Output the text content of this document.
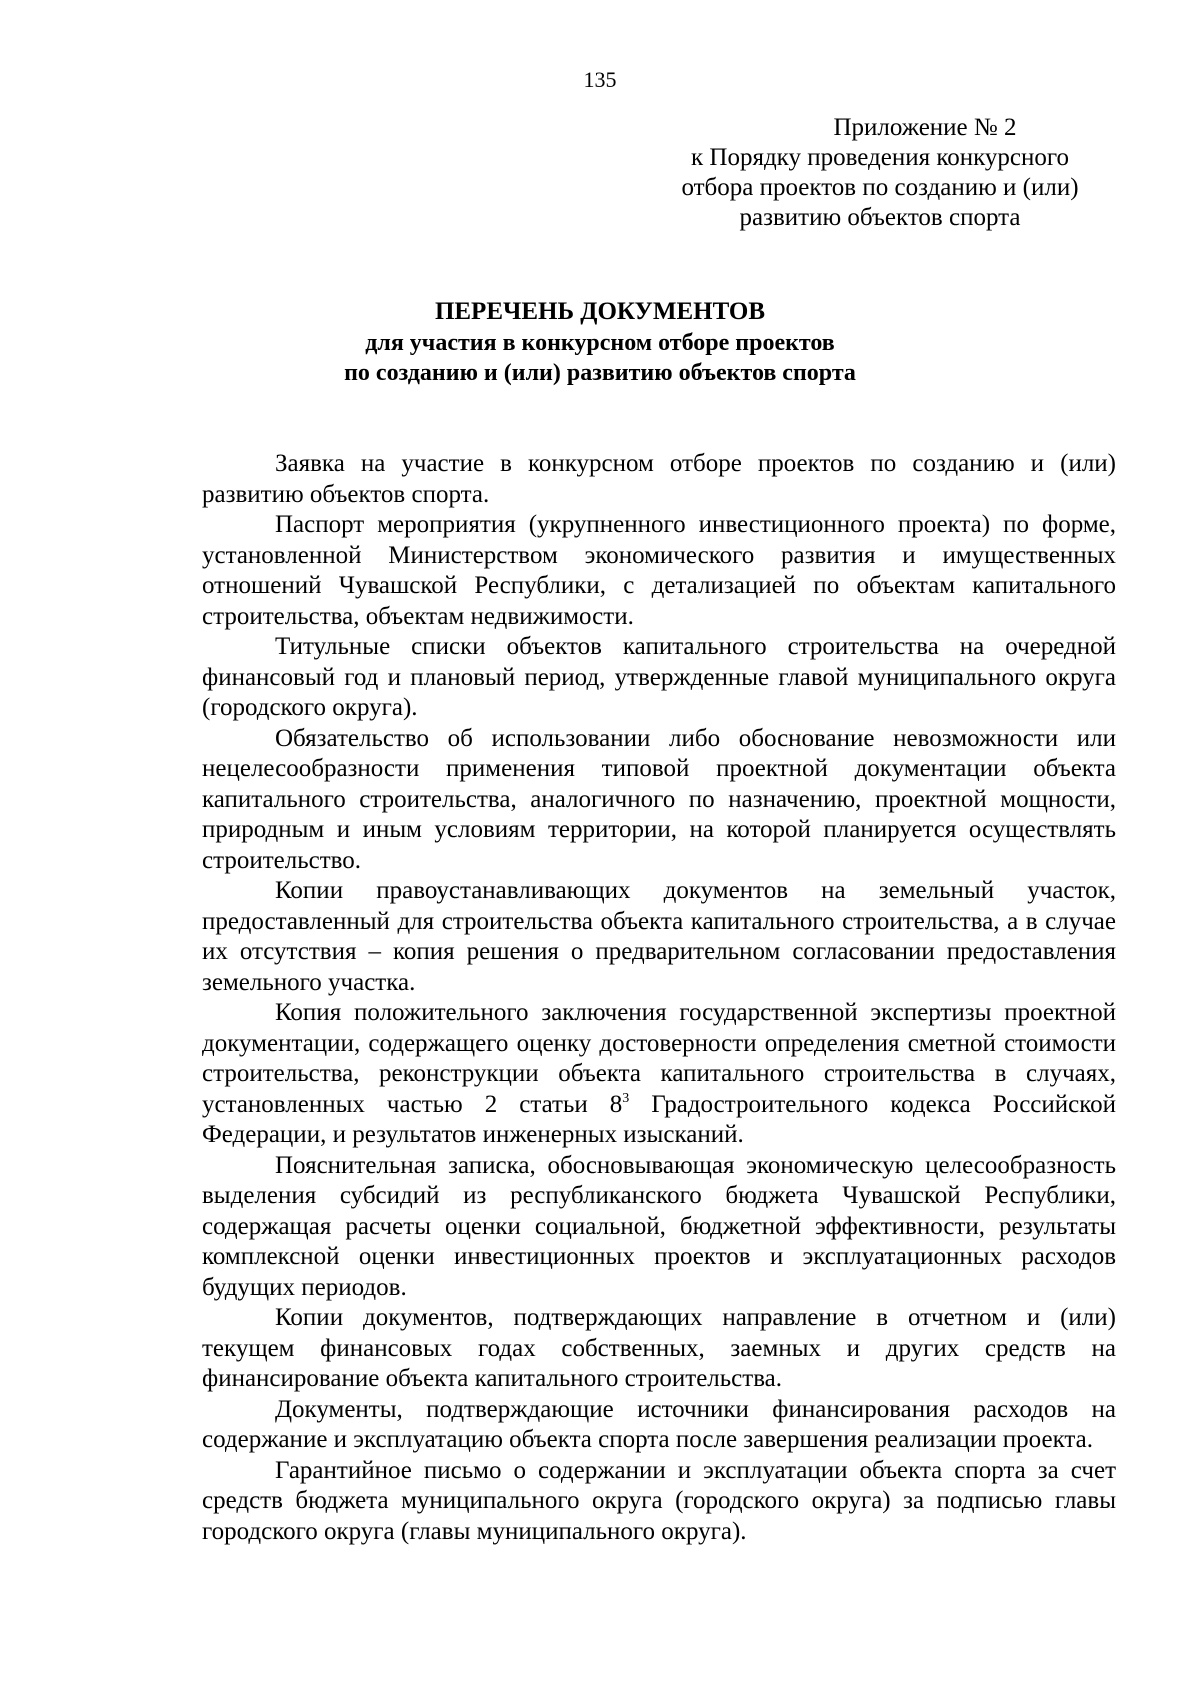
135
Приложение № 2
к Порядку проведения конкурсного
отбора проектов по созданию и (или)
развитию объектов спорта
ПЕРЕЧЕНЬ ДОКУМЕНТОВ
для участия в конкурсном отборе проектов
по созданию и (или) развитию объектов спорта

Заявка на участие в конкурсном отборе проектов по созданию и (или) развитию объектов спорта.

Паспорт мероприятия (укрупненного инвестиционного проекта) по форме, установленной Министерством экономического развития и имущественных отношений Чувашской Республики, с детализацией по объектам капитального строительства, объектам недвижимости.

Титульные списки объектов капитального строительства на очередной финансовый год и плановый период, утвержденные главой муниципального округа (городского округа).

Обязательство об использовании либо обоснование невозможности или нецелесообразности применения типовой проектной документации объекта капитального строительства, аналогичного по назначению, проектной мощности, природным и иным условиям территории, на которой планируется осуществлять строительство.

Копии правоустанавливающих документов на земельный участок, предоставленный для строительства объекта капитального строительства, а в случае их отсутствия – копия решения о предварительном согласовании предоставления земельного участка.

Копия положительного заключения государственной экспертизы проектной документации, содержащего оценку достоверности определения сметной стоимости строительства, реконструкции объекта капитального строительства в случаях, установленных частью 2 статьи $8^3$ Градостроительного кодекса Российской Федерации, и результатов инженерных изысканий.

Пояснительная записка, обосновывающая экономическую целесообразность выделения субсидий из республиканского бюджета Чувашской Республики, содержащая расчеты оценки социальной, бюджетной эффективности, результаты комплексной оценки инвестиционных проектов и эксплуатационных расходов будущих периодов.

Копии документов, подтверждающих направление в отчетном и (или) текущем финансовых годах собственных, заемных и других средств на финансирование объекта капитального строительства.

Документы, подтверждающие источники финансирования расходов на содержание и эксплуатацию объекта спорта после завершения реализации проекта.

Гарантийное письмо о содержании и эксплуатации объекта спорта за счет средств бюджета муниципального округа (городского округа) за подписью главы городского округа (главы муниципального округа).
